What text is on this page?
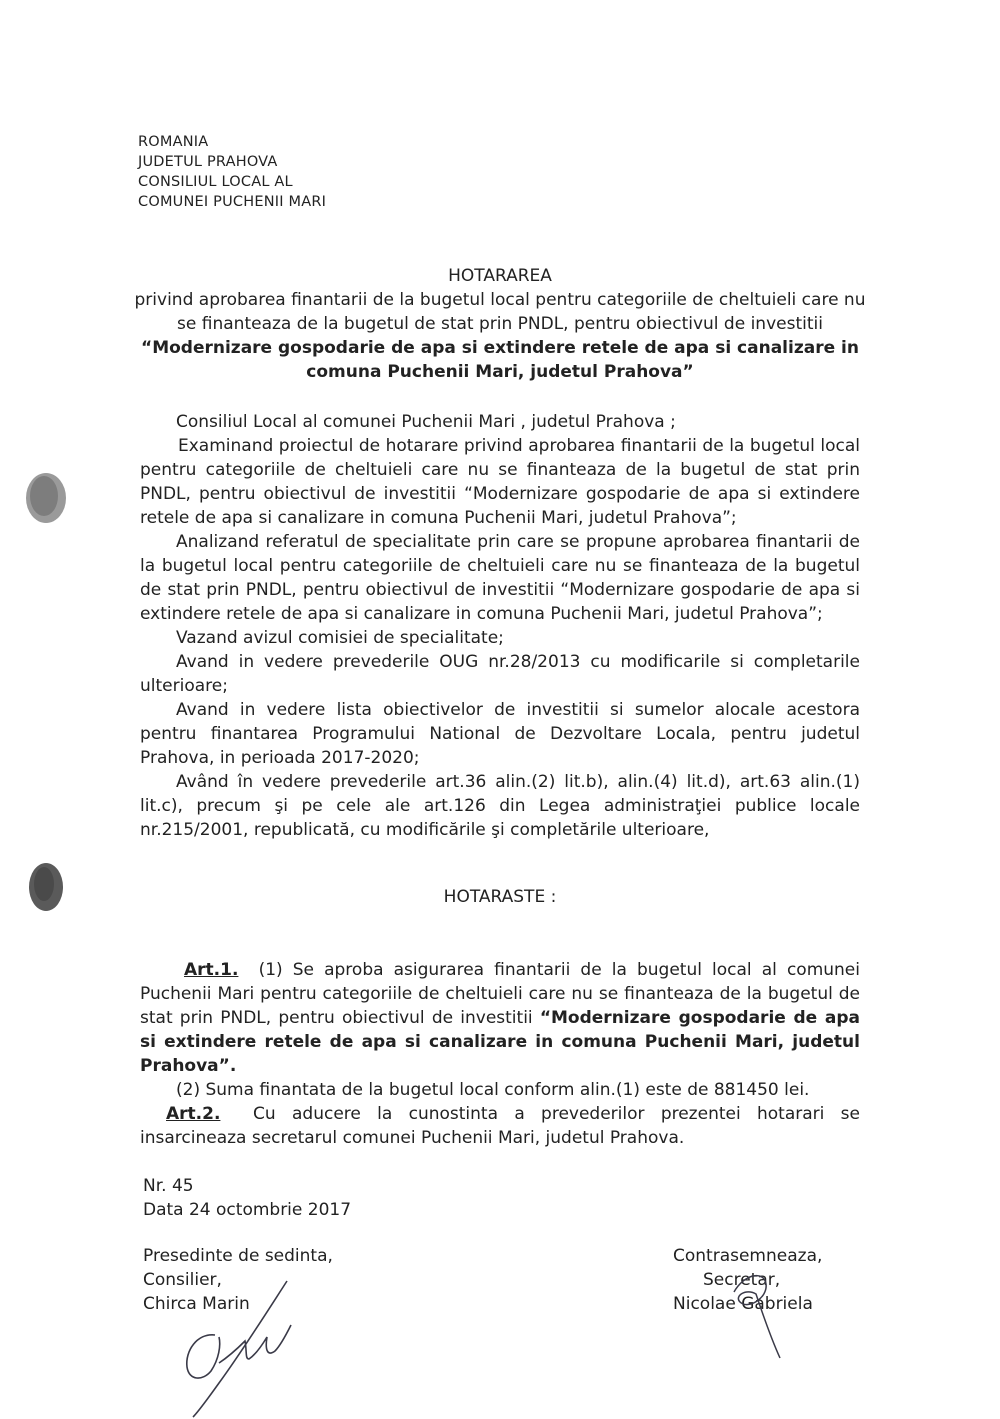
ROMANIA
JUDETUL PRAHOVA
CONSILIUL LOCAL AL
COMUNEI PUCHENII MARI
HOTARAREA
privind aprobarea finantarii de la bugetul local pentru categoriile de cheltuieli care nu se finanteaza de la bugetul de stat prin PNDL, pentru obiectivul de investitii “Modernizare gospodarie de apa si extindere retele de apa si canalizare in comuna Puchenii Mari, judetul Prahova”

Consiliul Local al comunei Puchenii Mari , judetul Prahova ;

Examinand proiectul de hotarare privind aprobarea finantarii de la bugetul local pentru categoriile de cheltuieli care nu se finanteaza de la bugetul de stat prin PNDL, pentru obiectivul de investitii “Modernizare gospodarie de apa si extindere retele de apa si canalizare in comuna Puchenii Mari, judetul Prahova”;

Analizand referatul de specialitate prin care se propune aprobarea finantarii de la bugetul local pentru categoriile de cheltuieli care nu se finanteaza de la bugetul de stat prin PNDL, pentru obiectivul de investitii “Modernizare gospodarie de apa si extindere retele de apa si canalizare in comuna Puchenii Mari, judetul Prahova”;

Vazand avizul comisiei de specialitate;

Avand in vedere prevederile OUG nr.28/2013 cu modificarile si completarile ulterioare;

Avand in vedere lista obiectivelor de investitii si sumelor alocale acestora pentru finantarea Programului National de Dezvoltare Locala, pentru judetul Prahova, in perioada 2017-2020;

Având în vedere prevederile art.36 alin.(2) lit.b), alin.(4) lit.d), art.63 alin.(1) lit.c), precum şi pe cele ale art.126 din Legea administraţiei publice locale nr.215/2001, republicată, cu modificările şi completările ulterioare,

HOTARASTE :

Art.1. (1) Se aproba asigurarea finantarii de la bugetul local al comunei Puchenii Mari pentru categoriile de cheltuieli care nu se finanteaza de la bugetul de stat prin PNDL, pentru obiectivul de investitii “Modernizare gospodarie de apa si extindere retele de apa si canalizare in comuna Puchenii Mari, judetul Prahova”.

(2) Suma finantata de la bugetul local conform alin.(1) este de 881450 lei.

Art.2. Cu aducere la cunostinta a prevederilor prezentei hotarari se insarcineaza secretarul comunei Puchenii Mari, judetul Prahova.

Nr. 45
Data 24 octombrie 2017
Presedinte de sedinta,
Consilier,
Chirca Marin
Contrasemneaza,
Secretar,
Nicolae Gabriela
